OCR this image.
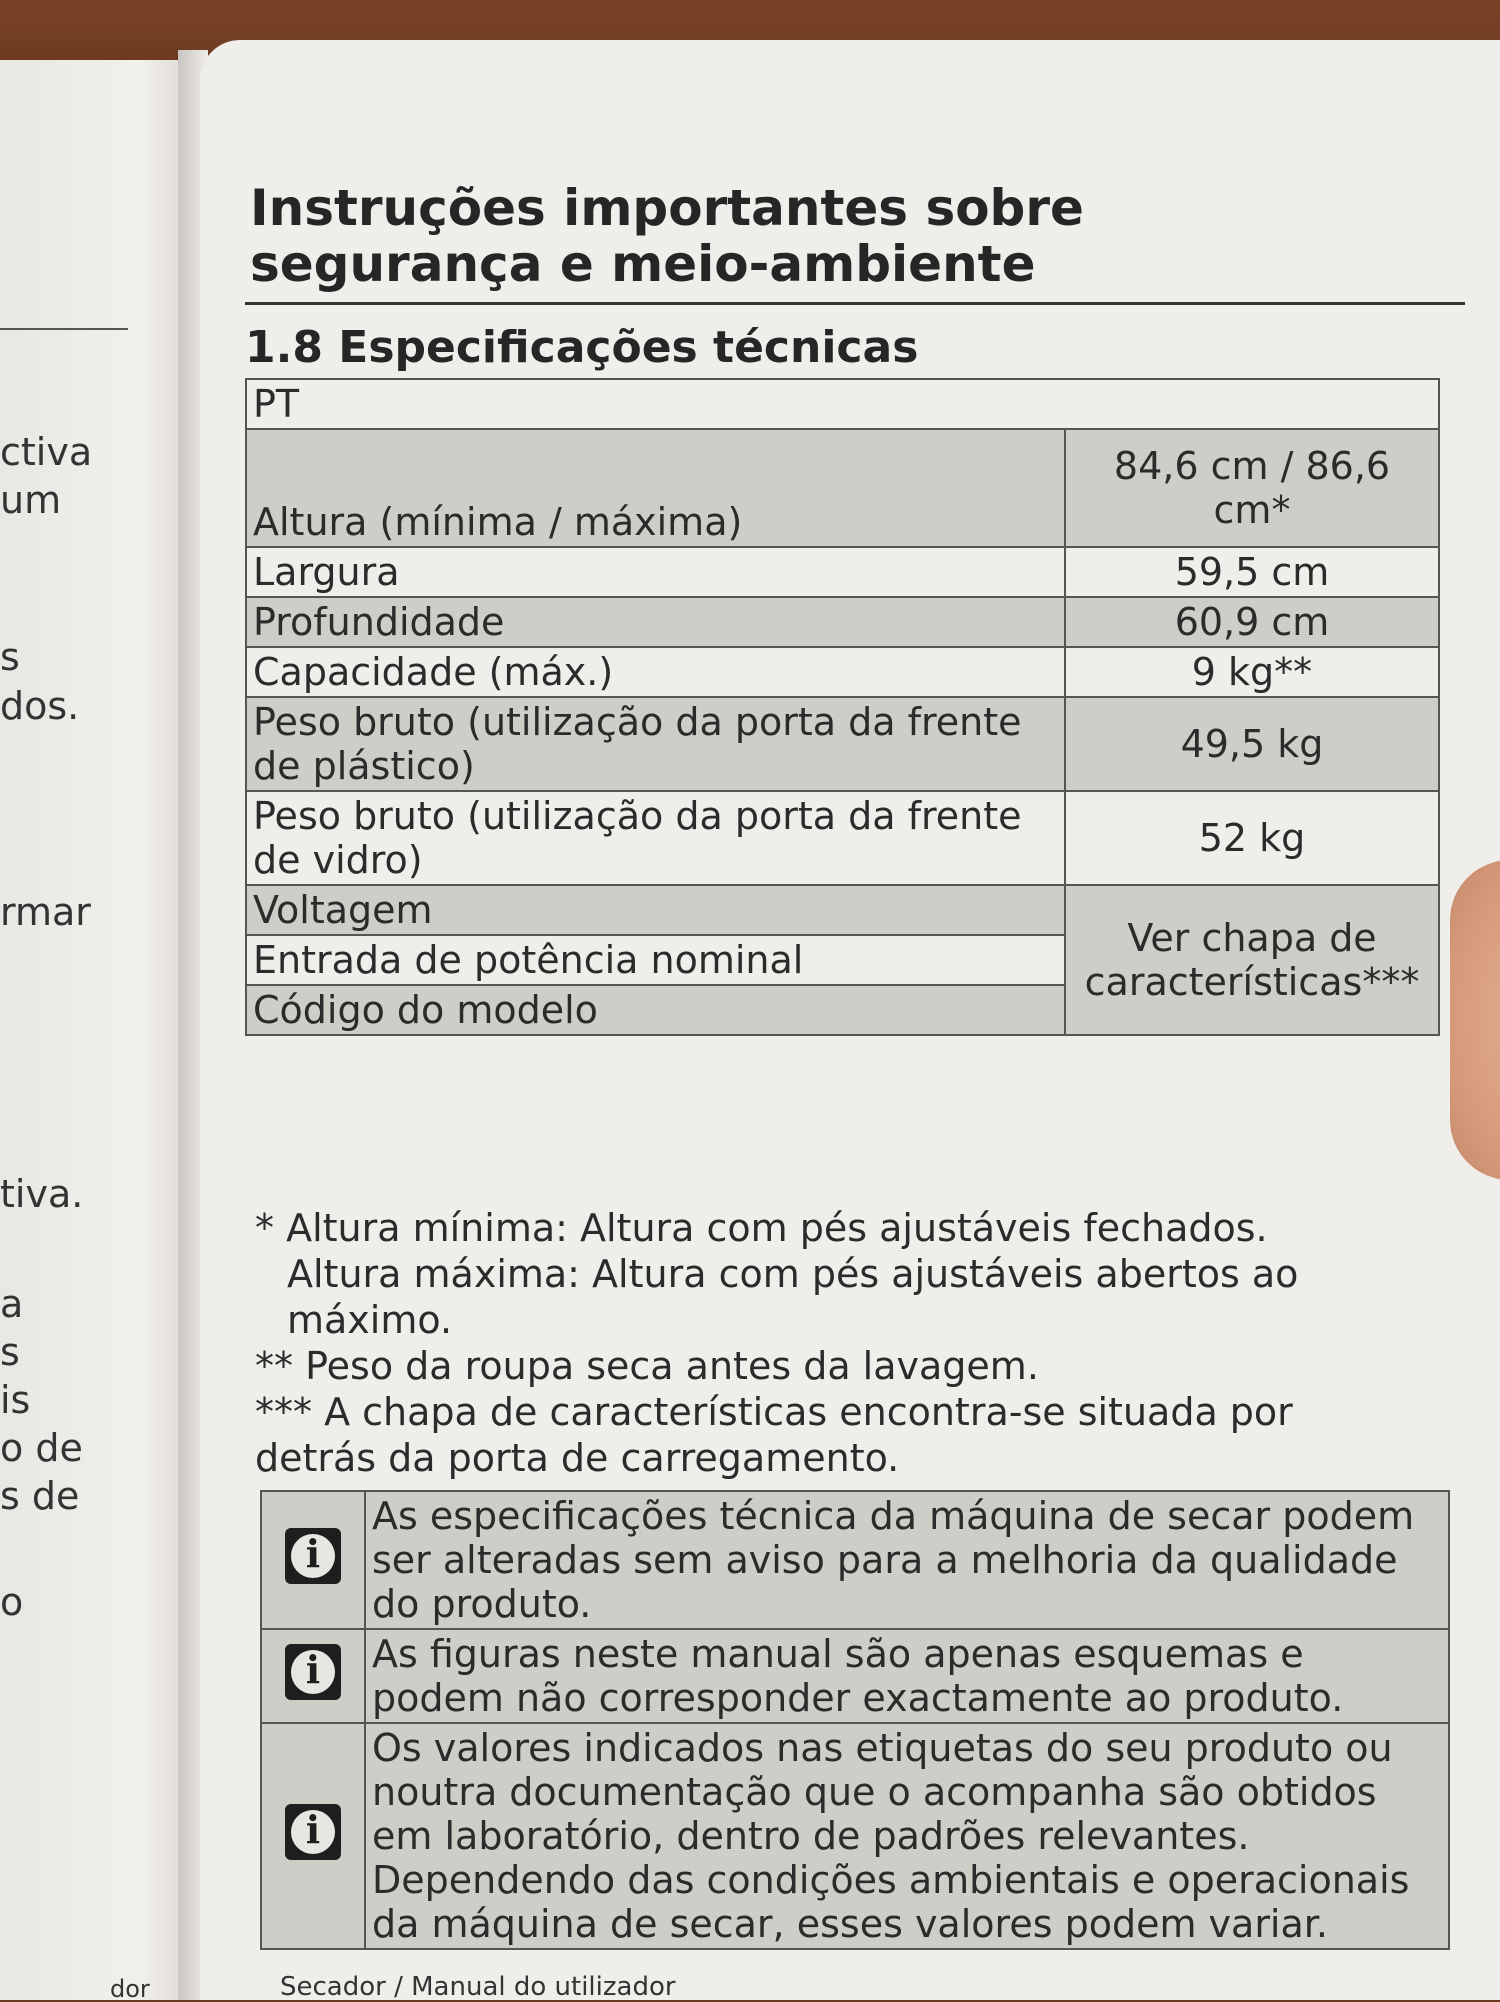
ctiva
um
s
dos.
rmar
tiva.
a
s
is
o de
s de
o
dor
Instruções importantes sobre
segurança e meio-ambiente
1.8 Especificações técnicas
PT	
Altura (mínima / máxima)	84,6 cm / 86,6 cm*
Largura	59,5 cm
Profundidade	60,9 cm
Capacidade (máx.)	9 kg**
Peso bruto (utilização da porta da frente de plástico)	49,5 kg
Peso bruto (utilização da porta da frente de vidro)	52 kg
Voltagem	Ver chapa de características***
Entrada de potência nominal	
Código do modelo	
* Altura mínima: Altura com pés ajustáveis fechados.
Altura máxima: Altura com pés ajustáveis abertos ao máximo.
** Peso da roupa seca antes da lavagem.
*** A chapa de características encontra-se situada por detrás da porta de carregamento.
i	As especificações técnica da máquina de secar podem ser alteradas sem aviso para a melhoria da qualidade do produto.
i	As figuras neste manual são apenas esquemas e podem não corresponder exactamente ao produto.
i	Os valores indicados nas etiquetas do seu produto ou noutra documentação que o acompanha são obtidos em laboratório, dentro de padrões relevantes. Dependendo das condições ambientais e operacionais da máquina de secar, esses valores podem variar.
Secador / Manual do utilizador
